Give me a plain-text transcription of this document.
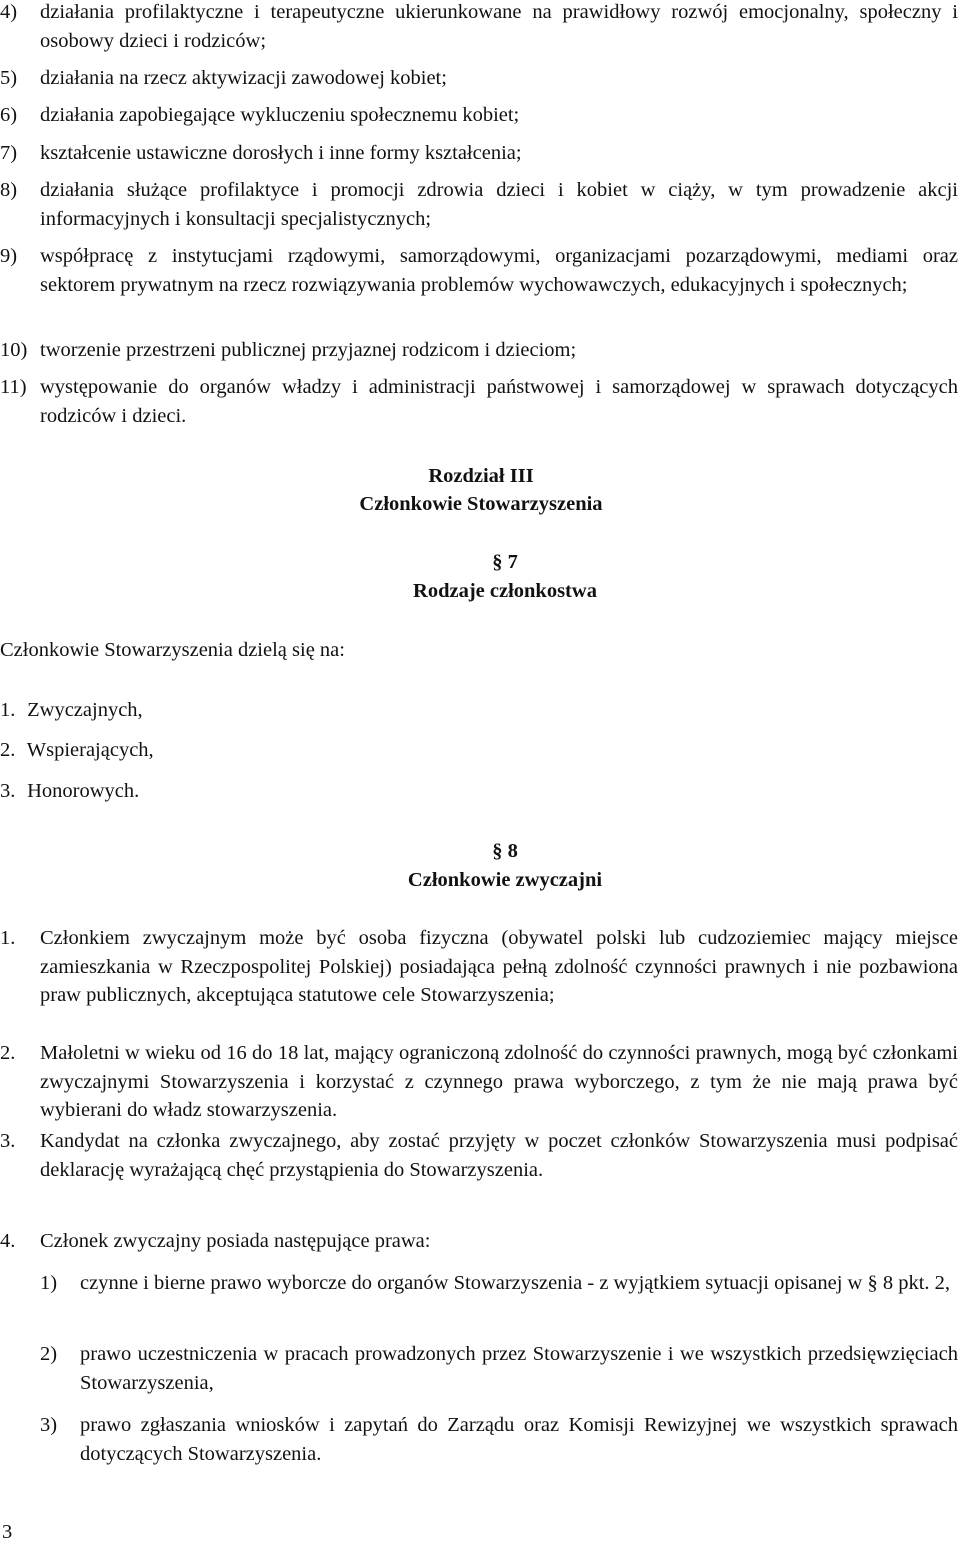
4) działania profilaktyczne i terapeutyczne ukierunkowane na prawidłowy rozwój emocjonalny, społeczny i osobowy dzieci i rodziców;
5) działania na rzecz aktywizacji zawodowej kobiet;
6) działania zapobiegające wykluczeniu społecznemu kobiet;
7) kształcenie ustawiczne dorosłych i inne formy kształcenia;
8) działania służące profilaktyce i promocji zdrowia dzieci i kobiet w ciąży, w tym prowadzenie akcji informacyjnych i konsultacji specjalistycznych;
9) współpracę z instytucjami rządowymi, samorządowymi, organizacjami pozarządowymi, mediami oraz sektorem prywatnym na rzecz rozwiązywania problemów wychowawczych, edukacyjnych i społecznych;
10) tworzenie przestrzeni publicznej przyjaznej rodzicom i dzieciom;
11) występowanie do organów władzy i administracji państwowej i samorządowej w sprawach dotyczących rodziców i dzieci.
Rozdział III
Członkowie Stowarzyszenia
§ 7
Rodzaje członkostwa
Członkowie Stowarzyszenia dzielą się na:
1. Zwyczajnych,
2. Wspierających,
3. Honorowych.
§ 8
Członkowie zwyczajni
1. Członkiem zwyczajnym może być osoba fizyczna (obywatel polski lub cudzoziemiec mający miejsce zamieszkania w Rzeczpospolitej Polskiej) posiadająca pełną zdolność czynności prawnych i nie pozbawiona praw publicznych, akceptująca statutowe cele Stowarzyszenia;
2. Małoletni w wieku od 16 do 18 lat, mający ograniczoną zdolność do czynności prawnych, mogą być członkami zwyczajnymi Stowarzyszenia i korzystać z czynnego prawa wyborczego, z tym że nie mają prawa być wybierani do władz stowarzyszenia.
3. Kandydat na członka zwyczajnego, aby zostać przyjęty w poczet członków Stowarzyszenia musi podpisać deklarację wyrażającą chęć przystąpienia do Stowarzyszenia.
4. Członek zwyczajny posiada następujące prawa:
1) czynne i bierne prawo wyborcze do organów Stowarzyszenia - z wyjątkiem sytuacji opisanej w § 8 pkt. 2,
2) prawo uczestniczenia w pracach prowadzonych przez Stowarzyszenie i we wszystkich przedsięwzięciach Stowarzyszenia,
3) prawo zgłaszania wniosków i zapytań do Zarządu oraz Komisji Rewizyjnej we wszystkich sprawach dotyczących Stowarzyszenia.
3
